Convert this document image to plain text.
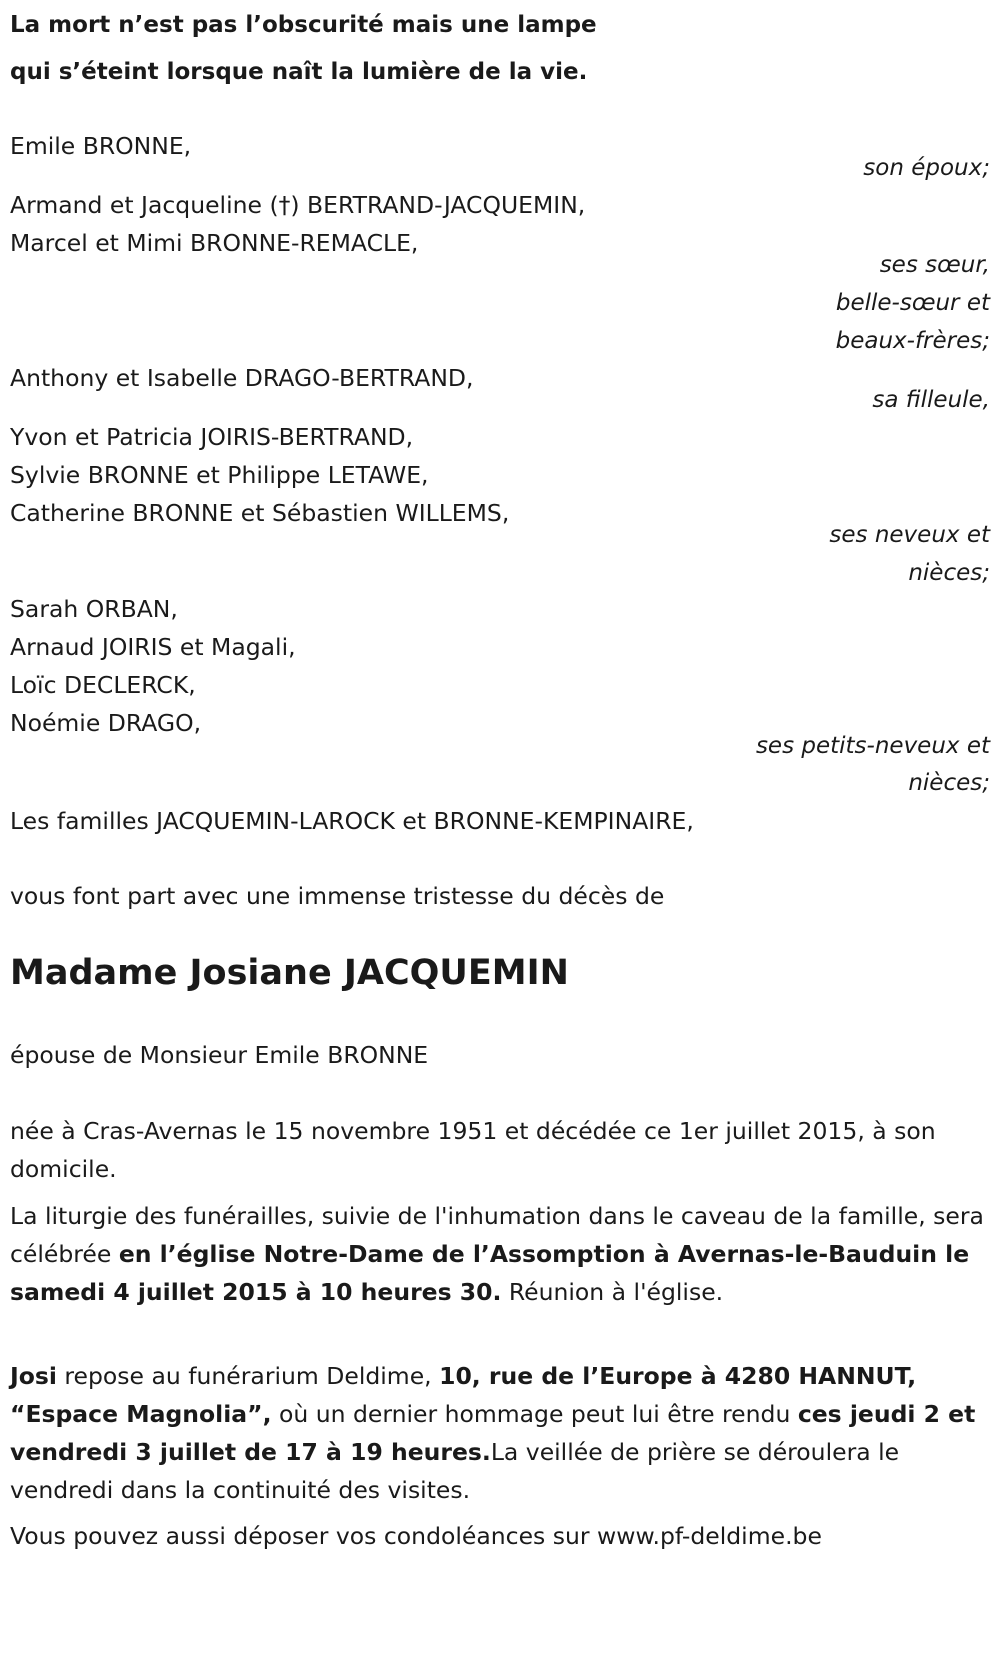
La mort n’est pas l’obscurité mais une lampe
qui s’éteint lorsque naît la lumière de la vie.
Emile BRONNE,
son époux;
Armand et Jacqueline (†) BERTRAND-JACQUEMIN,
Marcel et Mimi BRONNE-REMACLE,
ses sœur,
belle-sœur et
beaux-frères;
Anthony et Isabelle DRAGO-BERTRAND,
sa filleule,
Yvon et Patricia JOIRIS-BERTRAND,
Sylvie BRONNE et Philippe LETAWE,
Catherine BRONNE et Sébastien WILLEMS,
ses neveux et
nièces;
Sarah ORBAN,
Arnaud JOIRIS et Magali,
Loïc DECLERCK,
Noémie DRAGO,
ses petits-neveux et
nièces;
Les familles JACQUEMIN-LAROCK et BRONNE-KEMPINAIRE,
vous font part avec une immense tristesse du décès de
Madame Josiane JACQUEMIN
épouse de Monsieur Emile BRONNE
née à Cras-Avernas le 15 novembre 1951 et décédée ce 1er juillet 2015, à son domicile.
La liturgie des funérailles, suivie de l'inhumation dans le caveau de la famille, sera célébrée en l’église Notre-Dame de l’Assomption à Avernas-le-Bauduin le samedi 4 juillet 2015 à 10 heures 30. Réunion à l'église.
Josi repose au funérarium Deldime, 10, rue de l’Europe à 4280 HANNUT, “Espace Magnolia”, où un dernier hommage peut lui être rendu ces jeudi 2 et vendredi 3 juillet de 17 à 19 heures.La veillée de prière se déroulera le vendredi dans la continuité des visites.
Vous pouvez aussi déposer vos condoléances sur www.pf-deldime.be
